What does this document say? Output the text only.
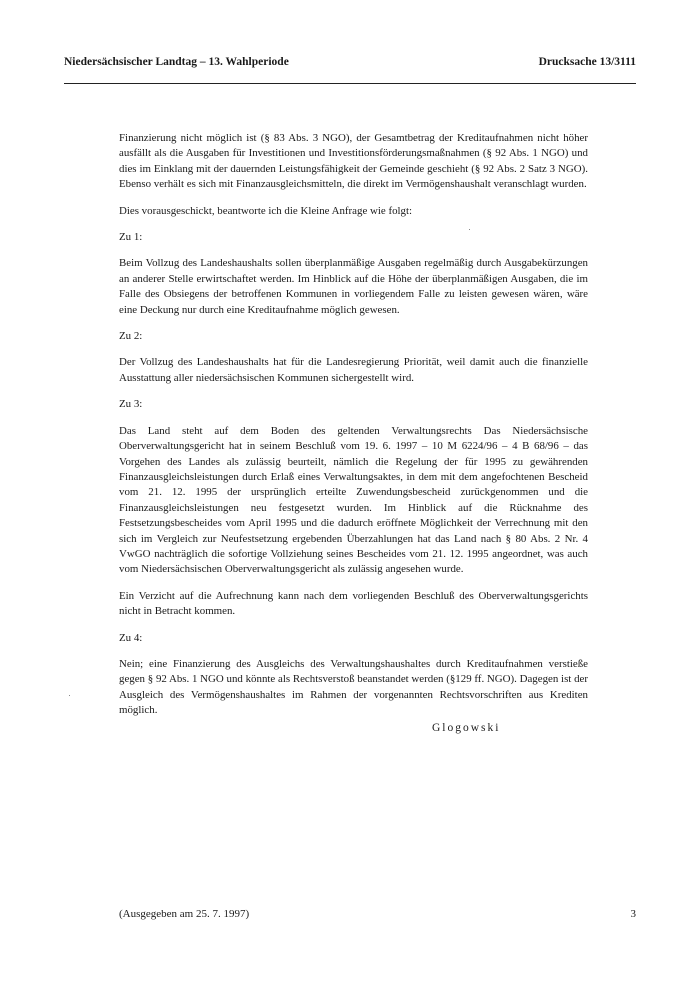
Niedersächsischer Landtag – 13. Wahlperiode	Drucksache 13/3111

Finanzierung nicht möglich ist (§ 83 Abs. 3 NGO), der Gesamtbetrag der Kreditaufnahmen nicht höher ausfällt als die Ausgaben für Investitionen und Investitionsförderungsmaßnahmen (§ 92 Abs. 1 NGO) und dies im Einklang mit der dauernden Leistungsfähigkeit der Gemeinde geschieht (§ 92 Abs. 2 Satz 3 NGO). Ebenso verhält es sich mit Finanzausgleichsmitteln, die direkt im Vermögenshaushalt veranschlagt wurden.

Dies vorausgeschickt, beantworte ich die Kleine Anfrage wie folgt:

Zu 1:

Beim Vollzug des Landeshaushalts sollen überplanmäßige Ausgaben regelmäßig durch Ausgabekürzungen an anderer Stelle erwirtschaftet werden. Im Hinblick auf die Höhe der überplanmäßigen Ausgaben, die im Falle des Obsiegens der betroffenen Kommunen in vorliegendem Falle zu leisten gewesen wären, wäre eine Deckung nur durch eine Kreditaufnahme möglich gewesen.

Zu 2:

Der Vollzug des Landeshaushalts hat für die Landesregierung Priorität, weil damit auch die finanzielle Ausstattung aller niedersächsischen Kommunen sichergestellt wird.

Zu 3:

Das Land steht auf dem Boden des geltenden Verwaltungsrechts Das Niedersächsische Oberverwaltungsgericht hat in seinem Beschluß vom 19. 6. 1997 – 10 M 6224/96 – 4 B 68/96 – das Vorgehen des Landes als zulässig beurteilt, nämlich die Regelung der für 1995 zu gewährenden Finanzausgleichsleistungen durch Erlaß eines Verwaltungsaktes, in dem mit dem angefochtenen Bescheid vom 21. 12. 1995 der ursprünglich erteilte Zuwendungsbescheid zurückgenommen und die Finanzausgleichsleistungen neu festgesetzt wurden. Im Hinblick auf die Rücknahme des Festsetzungsbescheides vom April 1995 und die dadurch eröffnete Möglichkeit der Verrechnung mit den sich im Vergleich zur Neufestsetzung ergebenden Überzahlungen hat das Land nach § 80 Abs. 2 Nr. 4 VwGO nachträglich die sofortige Vollziehung seines Bescheides vom 21. 12. 1995 angeordnet, was auch vom Niedersächsischen Oberverwaltungsgericht als zulässig angesehen wurde.

Ein Verzicht auf die Aufrechnung kann nach dem vorliegenden Beschluß des Oberverwaltungsgerichts nicht in Betracht kommen.

Zu 4:

Nein; eine Finanzierung des Ausgleichs des Verwaltungshaushaltes durch Kreditaufnahmen verstieße gegen § 92 Abs. 1 NGO und könnte als Rechtsverstoß beanstandet werden (§129 ff. NGO). Dagegen ist der Ausgleich des Vermögenshaushaltes im Rahmen der vorgenannten Rechtsvorschriften aus Krediten möglich.

Glogowski
(Ausgegeben am 25. 7. 1997)	3
